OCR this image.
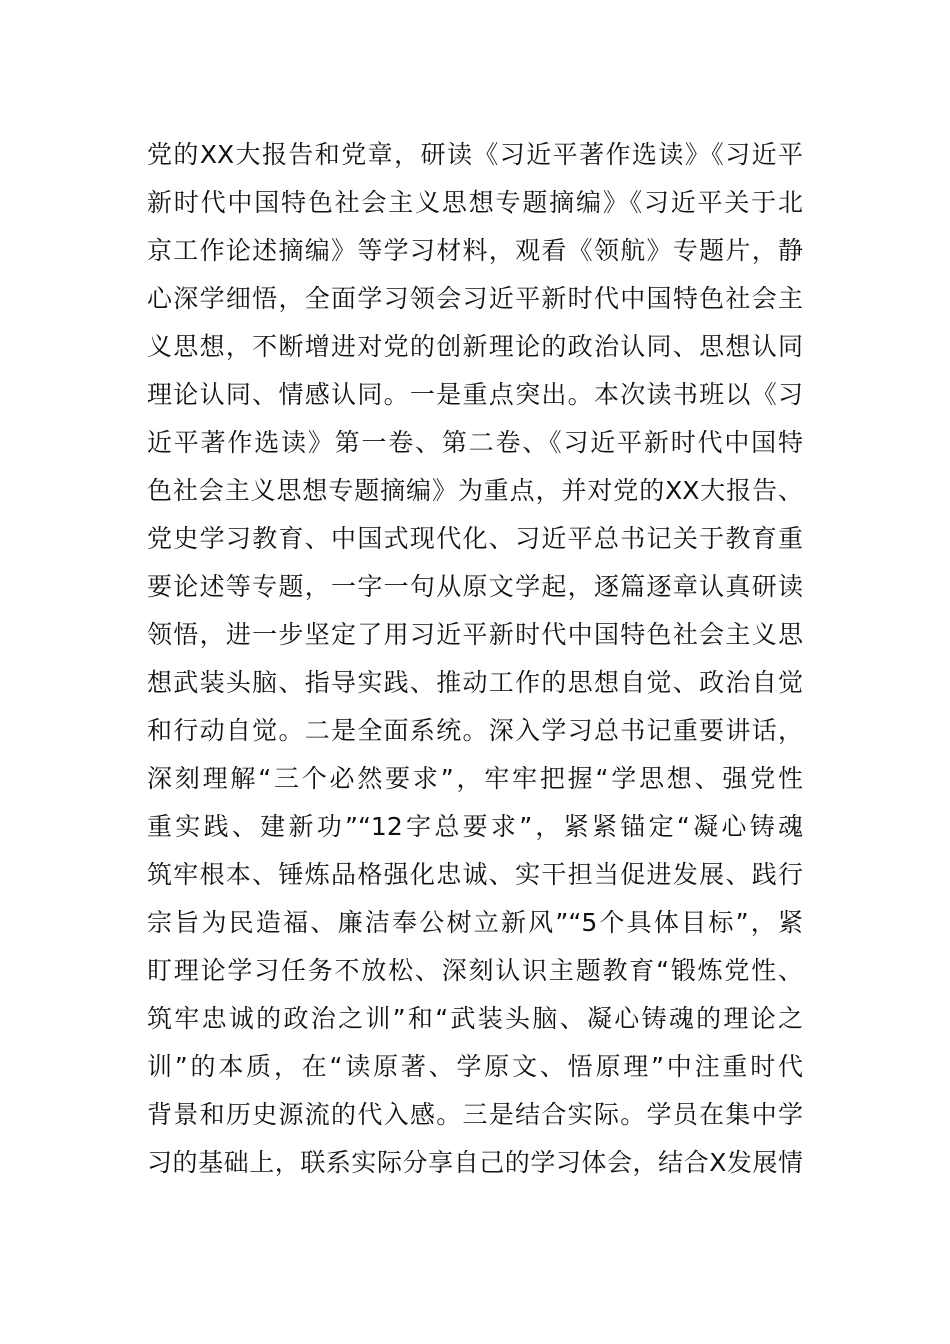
党的XX大报告和党章，研读《习近平著作选读》《习近平
新时代中国特色社会主义思想专题摘编》《习近平关于北
京工作论述摘编》等学习材料，观看《领航》专题片，静
心深学细悟，全面学习领会习近平新时代中国特色社会主
义思想，不断增进对党的创新理论的政治认同、思想认同
理论认同、情感认同。一是重点突出。本次读书班以《习
近平著作选读》第一卷、第二卷、《习近平新时代中国特
色社会主义思想专题摘编》为重点，并对党的XX大报告、
党史学习教育、中国式现代化、习近平总书记关于教育重
要论述等专题，一字一句从原文学起，逐篇逐章认真研读
领悟，进一步坚定了用习近平新时代中国特色社会主义思
想武装头脑、指导实践、推动工作的思想自觉、政治自觉
和行动自觉。二是全面系统。深入学习总书记重要讲话，
深刻理解“三个必然要求”，牢牢把握“学思想、强党性
重实践、建新功”“12字总要求”，紧紧锚定“凝心铸魂
筑牢根本、锤炼品格强化忠诚、实干担当促进发展、践行
宗旨为民造福、廉洁奉公树立新风”“5个具体目标”，紧
盯理论学习任务不放松、深刻认识主题教育“锻炼党性、
筑牢忠诚的政治之训”和“武装头脑、凝心铸魂的理论之
训”的本质，在“读原著、学原文、悟原理”中注重时代
背景和历史源流的代入感。三是结合实际。学员在集中学
习的基础上，联系实际分享自己的学习体会，结合X发展情
